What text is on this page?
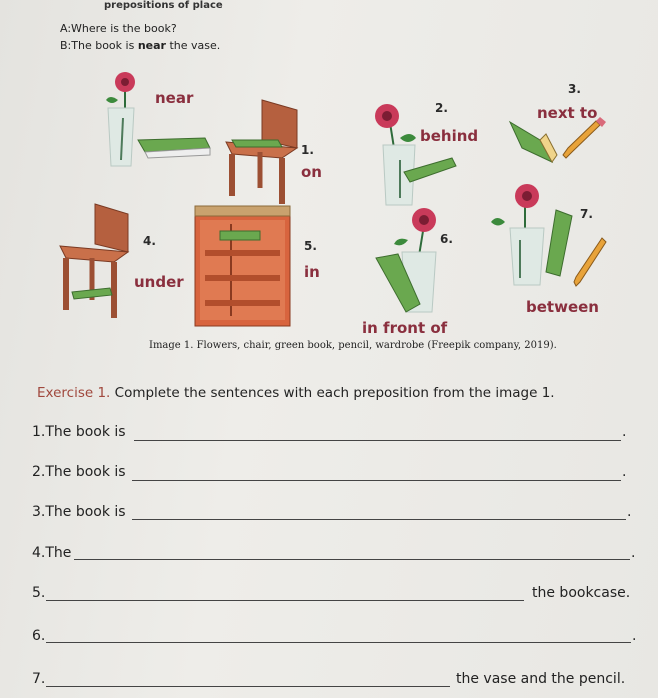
prepositions of place
A:Where is the book?
B:The book is near the vase.
near
1.
on
2.
behind
3.
next to
4.
under
5.
in
6.
in front of
7.
between
Image 1. Flowers, chair, green book, pencil, wardrobe (Freepik company, 2019).
Exercise 1. Complete the sentences with each preposition from the image 1.
1.The book is	.
2.The book is	.
3.The book is	.
4.The	.
5.	the bookcase.
6.	.
7.	the vase and the pencil.
